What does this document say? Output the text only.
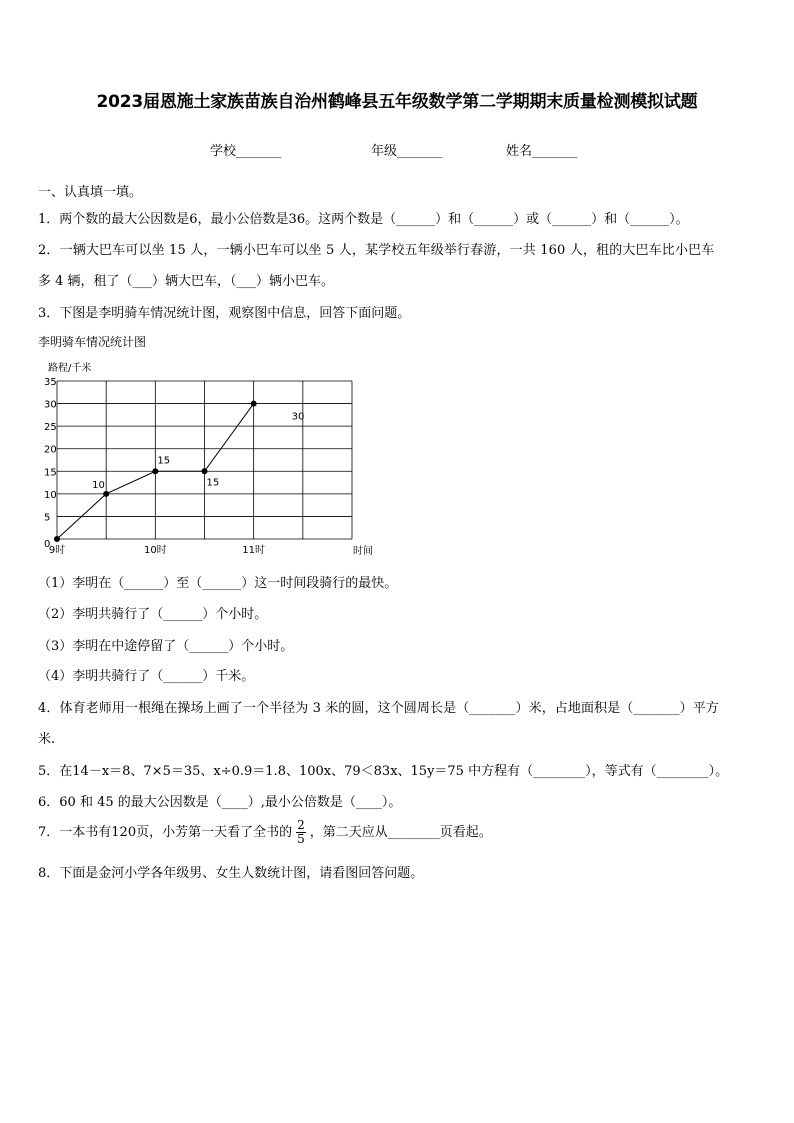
2023届恩施土家族苗族自治州鹤峰县五年级数学第二学期期末质量检测模拟试题
学校_______	年级_______	姓名_______
一、认真填一填。
1．两个数的最大公因数是6，最小公倍数是36。这两个数是（______）和（______）或（______）和（______）。
2．一辆大巴车可以坐 15 人，一辆小巴车可以坐 5 人，某学校五年级举行春游，一共 160 人，租的大巴车比小巴车
多 4 辆，租了（___）辆大巴车，（___）辆小巴车。
3．下图是李明骑车情况统计图，观察图中信息，回答下面问题。
李明骑车情况统计图
0
5
10
15
20
25
30
35
9时	10时	11时
10
15
15
30
路程/千米
时间
（1）李明在（______）至（______）这一时间段骑行的最快。
（2）李明共骑行了（______）个小时。
（3）李明在中途停留了（______）个小时。
（4）李明共骑行了（______）千米。
4．体育老师用一根绳在操场上画了一个半径为 3 米的圆，这个圆周长是（_______）米，占地面积是（_______）平方
米.
5．在14－x＝8、7×5＝35、x÷0.9＝1.8、100x、79＜83x、15y＝75 中方程有（________），等式有（________）。
6．60 和 45 的最大公因数是（____）,最小公倍数是（____）。
7．一本书有120页，小芳第一天看了全书的 $\frac{2}{5}$ ，第二天应从________页看起。
8．下面是金河小学各年级男、女生人数统计图，请看图回答问题。
